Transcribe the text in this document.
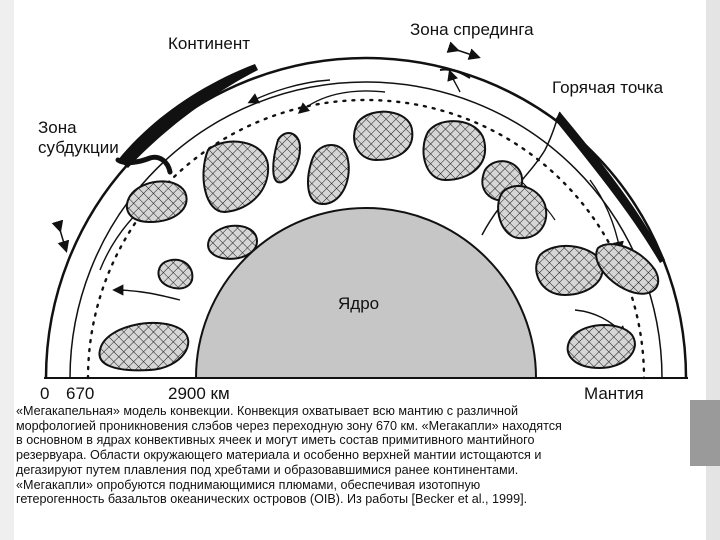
Континент
Зона спрединга
Горячая точка
Зона
субдукции
Ядро
0 670	2900 км	Мантия
«Мегакапельная» модель конвекции. Конвекция охватывает всю мантию с различной
морфологией проникновения слэбов через переходную зону 670 км. «Мегакапли» находятся
в основном в ядрах конвективных ячеек и могут иметь состав примитивного мантийного
резервуара. Области окружающего материала и особенно верхней мантии истощаются и
дегазируют путем плавления под хребтами и образовавшимися ранее континентами.
«Мегакапли» опробуются поднимающимися плюмами, обеспечивая изотопную
гетерогенность базальтов океанических островов (OIB). Из работы [Becker et al., 1999].
